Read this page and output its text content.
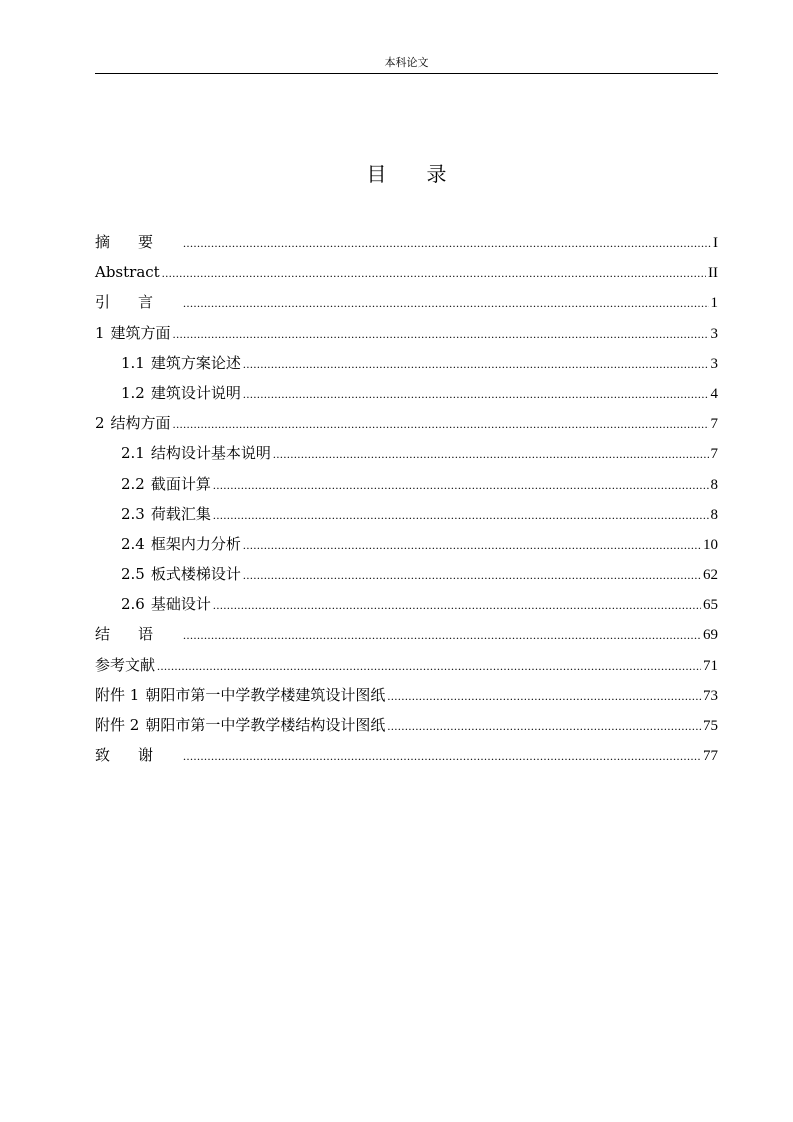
本科论文
目录
摘要 .....	I
Abstract .....	II
引言 .....	1
1 建筑方面 .....	3
1.1 建筑方案论述 .....	3
1.2 建筑设计说明 .....	4
2 结构方面 .....	7
2.1 结构设计基本说明 .....	7
2.2 截面计算 .....	8
2.3 荷载汇集 .....	8
2.4 框架内力分析 .....	10
2.5 板式楼梯设计 .....	62
2.6 基础设计 .....	65
结语 .....	69
参考文献 .....	71
附件 1 朝阳市第一中学教学楼建筑设计图纸 .....	73
附件 2 朝阳市第一中学教学楼结构设计图纸 .....	75
致谢 .....	77
